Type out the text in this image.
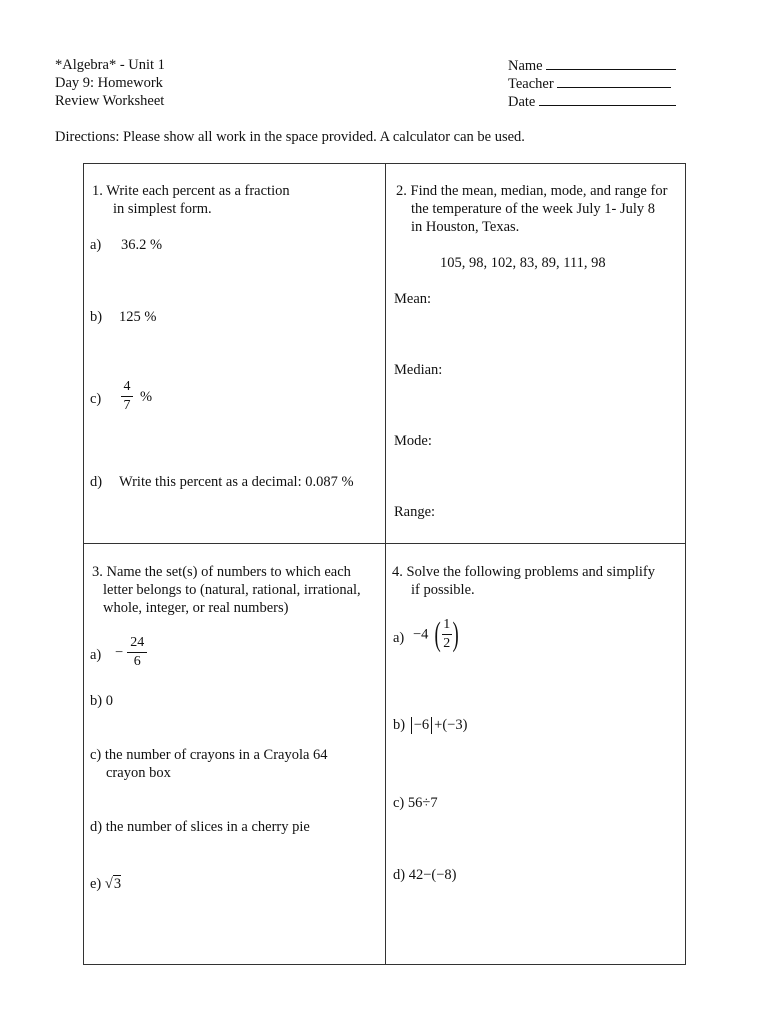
*Algebra* - Unit 1
Day 9: Homework
Review Worksheet
Name
Teacher
Date
Directions: Please show all work in the space provided. A calculator can be used.
1. Write each percent as a fraction
in simplest form.
a) 36.2 %
b) 125 %
$c) \frac{4}{7}$ %
d) Write this percent as a decimal: 0.087 %
2. Find the mean, median, mode, and range for
the temperature of the week July 1- July 8
in Houston, Texas.
105, 98, 102, 83, 89, 111, 98
Mean:
Median:
Mode:
Range:
3. Name the set(s) of numbers to which each
letter belongs to (natural, rational, irrational,
whole, integer, or real numbers)
$a) - \frac{24}{6}$
b) 0
c) the number of crayons in a Crayola 64
crayon box
d) the number of slices in a cherry pie
e) √3
4. Solve the following problems and simplify
if possible.
a) −4 ( $\frac{1}{2}$ )
b) −6 +(−3)
c) 56÷7
d) 42−(−8)
